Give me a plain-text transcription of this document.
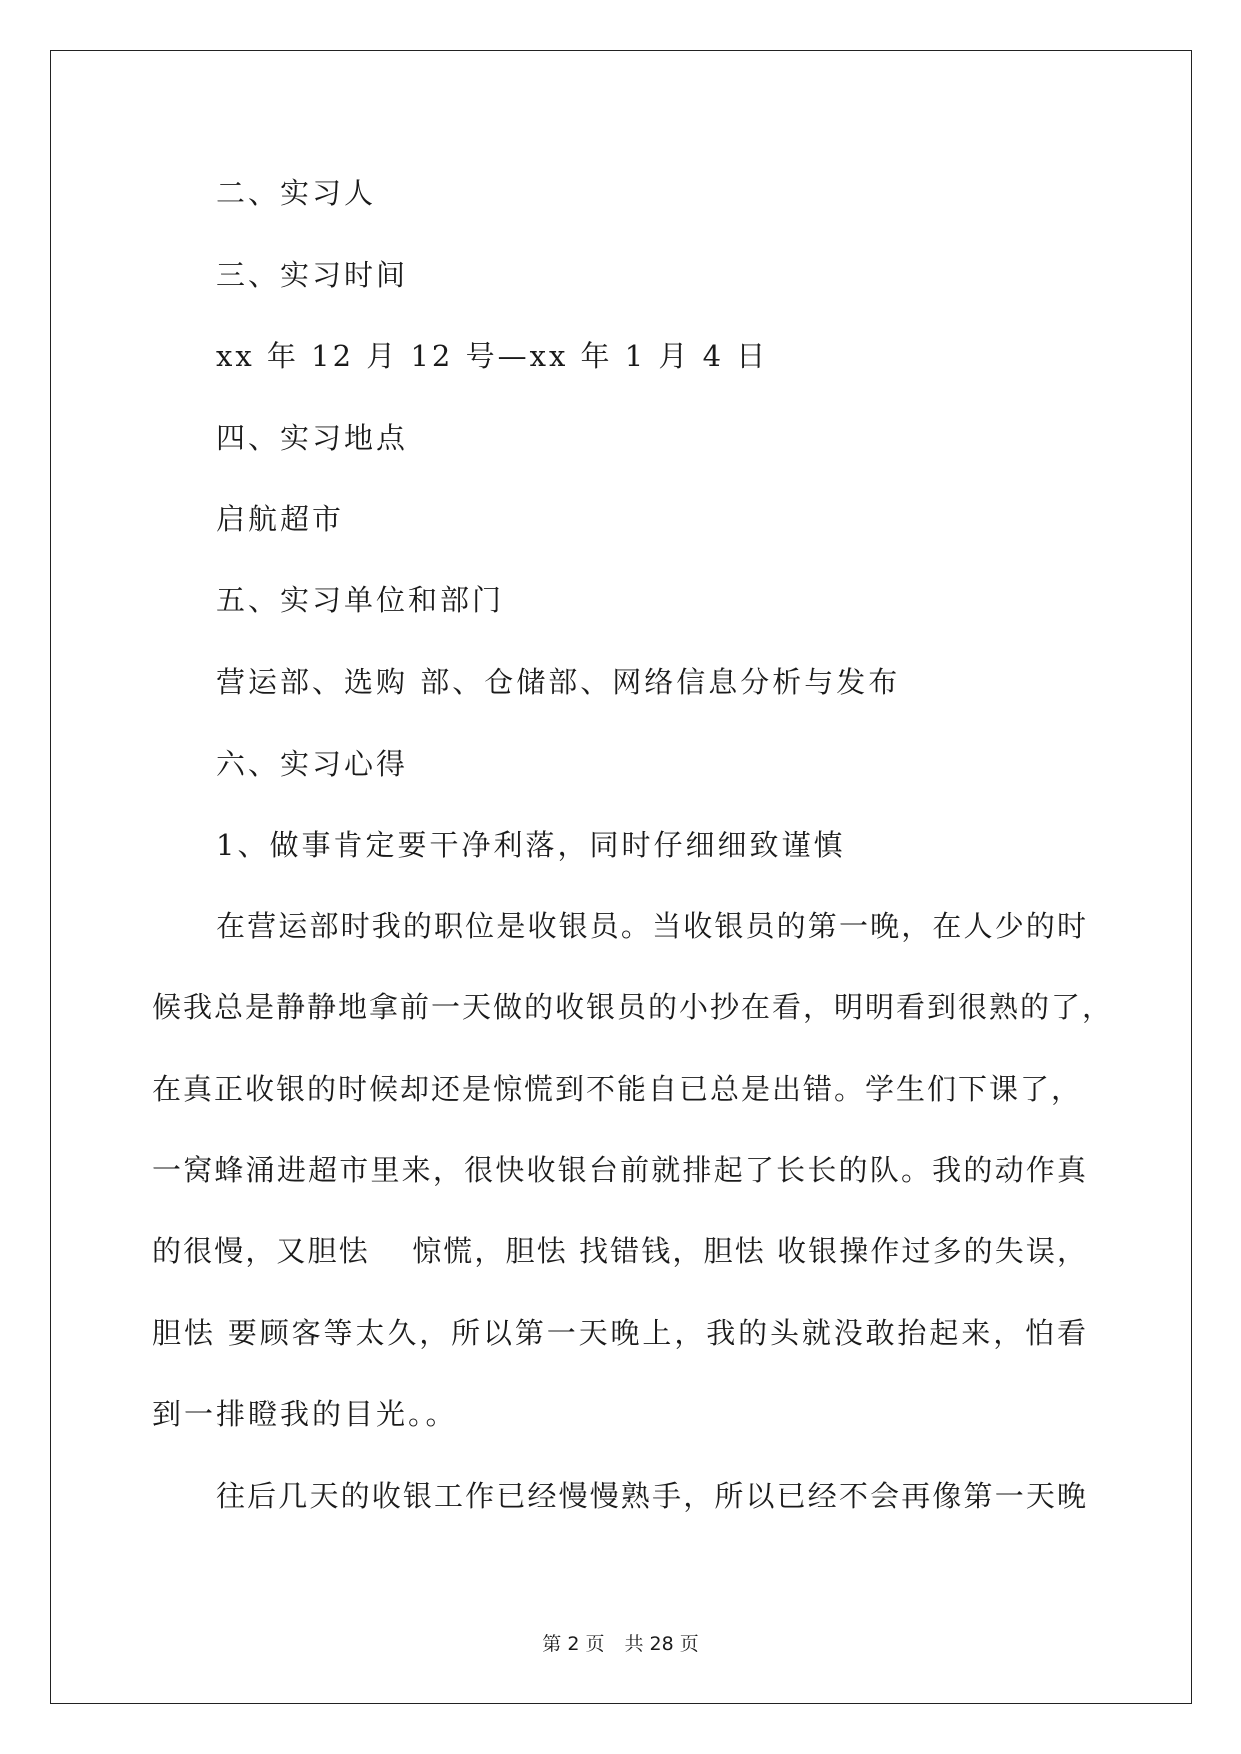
二、实习人
三、实习时间
xx 年 12 月 12 号—xx 年 1 月 4 日
四、实习地点
启航超市
五、实习单位和部门
营运部、选购 部、仓储部、网络信息分析与发布
六、实习心得
1、做事肯定要干净利落，同时仔细细致谨慎
在营运部时我的职位是收银员。当收银员的第一晚，在人少的时
候我总是静静地拿前一天做的收银员的小抄在看，明明看到很熟的了，
在真正收银的时候却还是惊慌到不能自已总是出错。学生们下课了，
一窝蜂涌进超市里来，很快收银台前就排起了长长的队。我的动作真
的很慢，又胆怯　 惊慌，胆怯 找错钱，胆怯 收银操作过多的失误，
胆怯 要顾客等太久，所以第一天晚上，我的头就没敢抬起来，怕看
到一排瞪我的目光。。
往后几天的收银工作已经慢慢熟手，所以已经不会再像第一天晚
第 2 页 共 28 页
